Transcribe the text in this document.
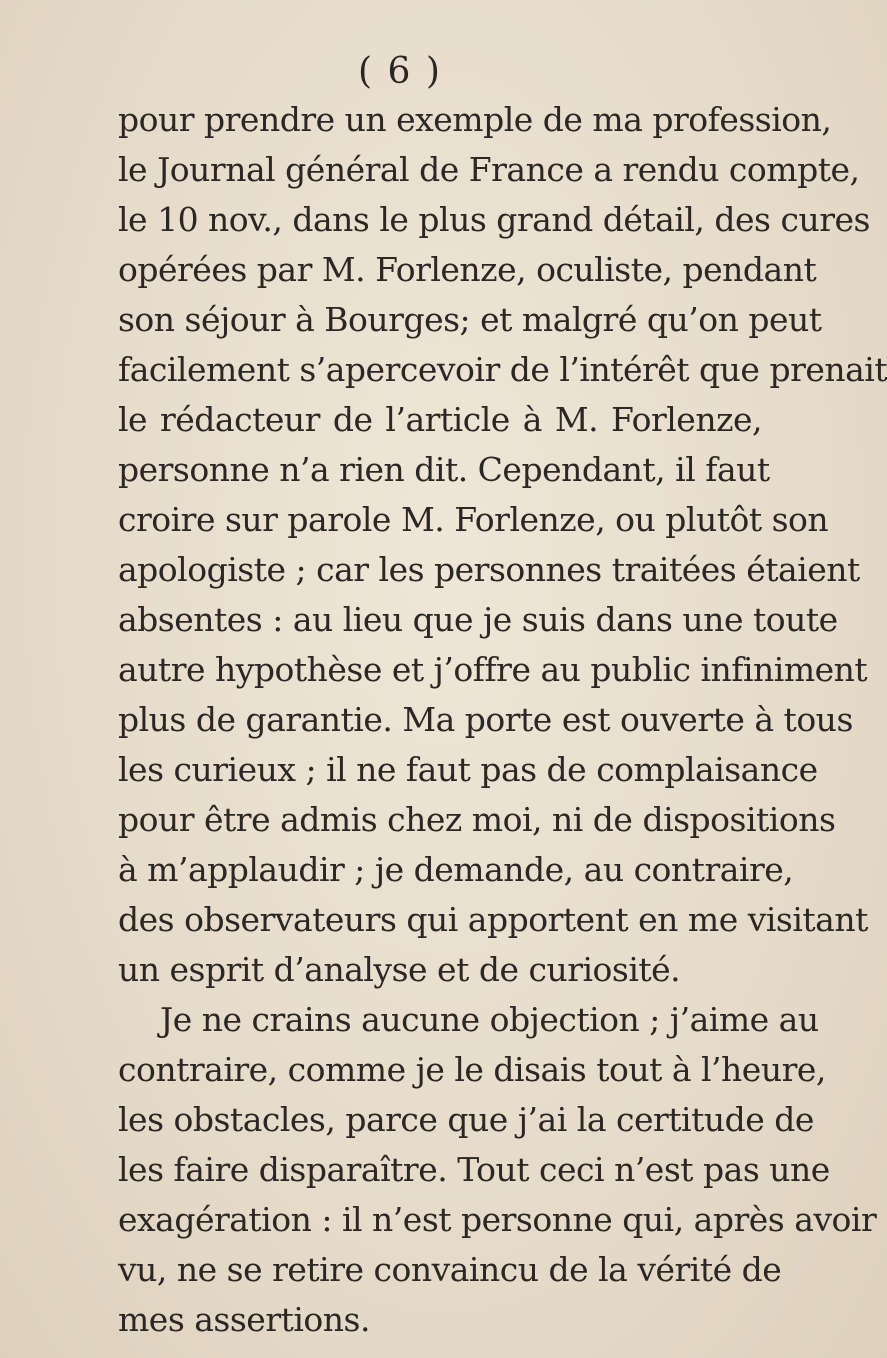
( 6 )
pour prendre un exemple de ma profession,
le Journal général de France a rendu compte,
le 10 nov., dans le plus grand détail, des cures
opérées par M. Forlenze, oculiste, pendant
son séjour à Bourges; et malgré qu’on peut
facilement s’apercevoir de l’intérêt que prenait
le rédacteur de l’article à M. Forlenze,
personne n’a rien dit. Cependant, il faut
croire sur parole M. Forlenze, ou plutôt son
apologiste ; car les personnes traitées étaient
absentes : au lieu que je suis dans une toute
autre hypothèse et j’offre au public infiniment
plus de garantie. Ma porte est ouverte à tous
les curieux ; il ne faut pas de complaisance
pour être admis chez moi, ni de dispositions
à m’applaudir ; je demande, au contraire,
des observateurs qui apportent en me visitant
un esprit d’analyse et de curiosité.
Je ne crains aucune objection ; j’aime au
contraire, comme je le disais tout à l’heure,
les obstacles, parce que j’ai la certitude de
les faire disparaître. Tout ceci n’est pas une
exagération : il n’est personne qui, après avoir
vu, ne se retire convaincu de la vérité de
mes assertions.
